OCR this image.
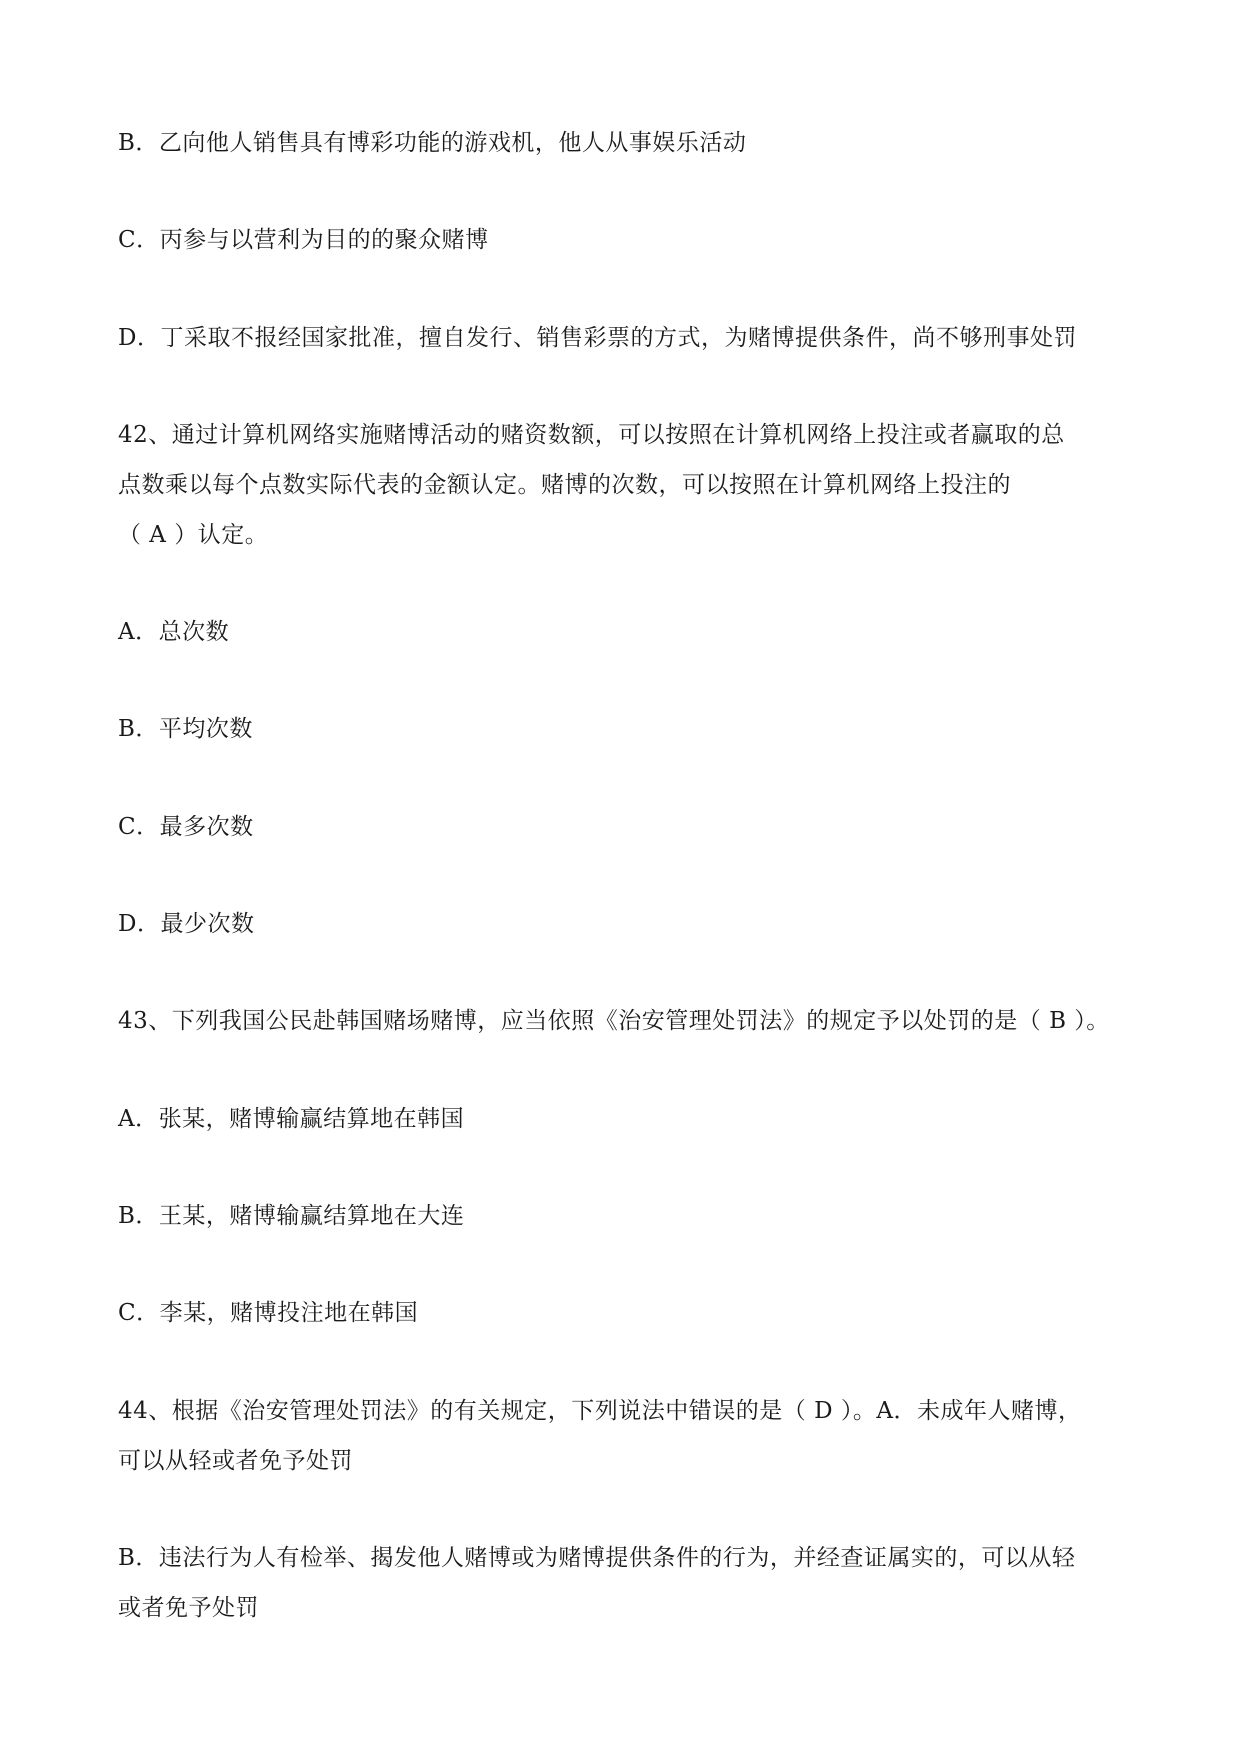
B．乙向他人销售具有博彩功能的游戏机，他人从事娱乐活动
C．丙参与以营利为目的的聚众赌博
D．丁采取不报经国家批准，擅自发行、销售彩票的方式，为赌博提供条件，尚不够刑事处罚
42、通过计算机网络实施赌博活动的赌资数额，可以按照在计算机网络上投注或者赢取的总
点数乘以每个点数实际代表的金额认定。赌博的次数，可以按照在计算机网络上投注的
（ A ）认定。
A．总次数
B．平均次数
C．最多次数
D．最少次数
43、下列我国公民赴韩国赌场赌博，应当依照《治安管理处罚法》的规定予以处罚的是（ B ）。
A．张某，赌博输赢结算地在韩国
B．王某，赌博输赢结算地在大连
C．李某，赌博投注地在韩国
44、根据《治安管理处罚法》的有关规定，下列说法中错误的是（ D ）。A．未成年人赌博，
可以从轻或者免予处罚
B．违法行为人有检举、揭发他人赌博或为赌博提供条件的行为，并经查证属实的，可以从轻
或者免予处罚
